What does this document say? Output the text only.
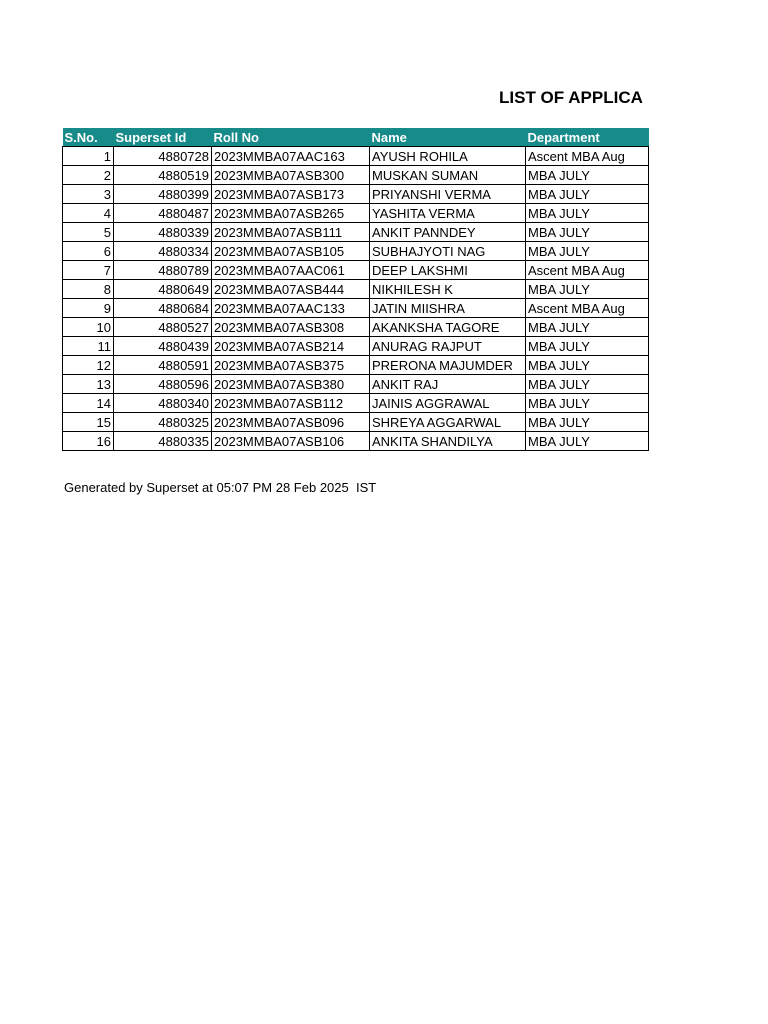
LIST OF APPLICA
S.No.	Superset Id	Roll No	Name	Department
1	4880728	2023MMBA07AAC163	AYUSH ROHILA	Ascent MBA Aug
2	4880519	2023MMBA07ASB300	MUSKAN SUMAN	MBA JULY
3	4880399	2023MMBA07ASB173	PRIYANSHI VERMA	MBA JULY
4	4880487	2023MMBA07ASB265	YASHITA VERMA	MBA JULY
5	4880339	2023MMBA07ASB111	ANKIT PANNDEY	MBA JULY
6	4880334	2023MMBA07ASB105	SUBHAJYOTI NAG	MBA JULY
7	4880789	2023MMBA07AAC061	DEEP LAKSHMI	Ascent MBA Aug
8	4880649	2023MMBA07ASB444	NIKHILESH K	MBA JULY
9	4880684	2023MMBA07AAC133	JATIN MIISHRA	Ascent MBA Aug
10	4880527	2023MMBA07ASB308	AKANKSHA TAGORE	MBA JULY
11	4880439	2023MMBA07ASB214	ANURAG RAJPUT	MBA JULY
12	4880591	2023MMBA07ASB375	PRERONA MAJUMDER	MBA JULY
13	4880596	2023MMBA07ASB380	ANKIT RAJ	MBA JULY
14	4880340	2023MMBA07ASB112	JAINIS AGGRAWAL	MBA JULY
15	4880325	2023MMBA07ASB096	SHREYA AGGARWAL	MBA JULY
16	4880335	2023MMBA07ASB106	ANKITA SHANDILYA	MBA JULY
Generated by Superset at 05:07 PM 28 Feb 2025  IST
